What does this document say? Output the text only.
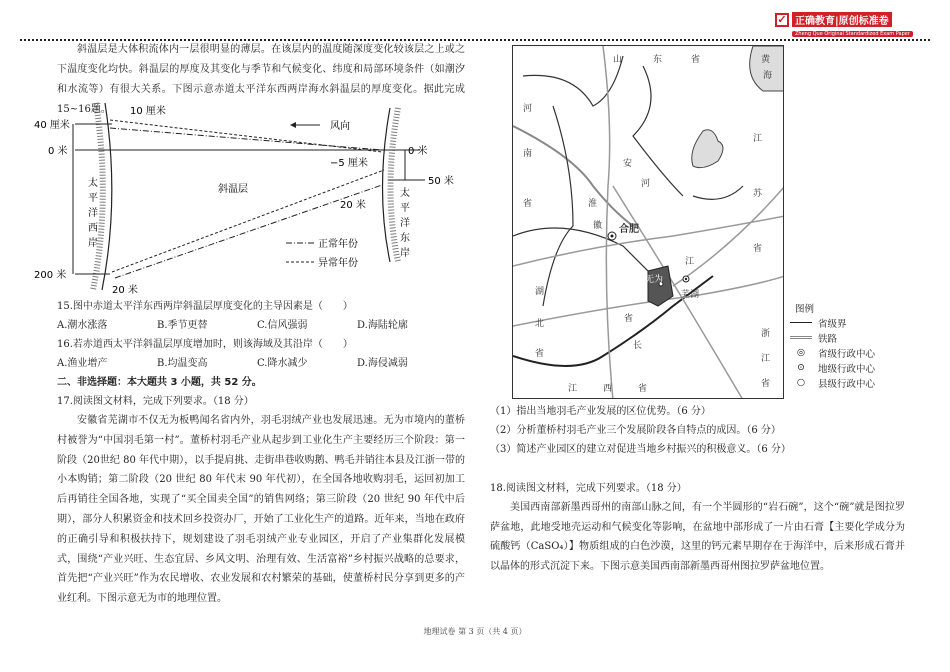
✓ 正确教育|原创标准卷
Zheng Que Original Standardized Exam Paper

斜温层是大体积流体内一层很明显的薄层。在该层内的温度随深度变化较该层之上或之下温度变化均快。斜温层的厚度及其变化与季节和气候变化、纬度和局部环境条件（如潮汐和水流等）有很大关系。下图示意赤道太平洋东西两岸海水斜温层的厚度变化。据此完成15~16题。

风向
斜温层
40 厘米
10 厘米
0 米
200 米
20 米
0 米
−5 厘米
50 米
20 米
太
平
洋
西
岸
太
平
洋
东
岸
正常年份
异常年份
15.图中赤道太平洋东西两岸斜温层厚度变化的主导因素是（　　）
A.潮水涨落	B.季节更替	C.信风强弱	D.海陆轮廓
16.若赤道西太平洋斜温层厚度增加时，则该海域及其沿岸（　　）
A.渔业增产	B.均温变高	C.降水减少	D.海侵减弱
二、非选择题：本大题共 3 小题，共 52 分。
17.阅读图文材料，完成下列要求。（18 分）

安徽省芜湖市不仅无为板鸭闻名省内外，羽毛羽绒产业也发展迅速。无为市境内的董桥村被誉为“中国羽毛第一村”。董桥村羽毛产业从起步到工业化生产主要经历三个阶段：第一阶段（20世纪 80 年代中期），以手提肩挑、走街串巷收购鹅、鸭毛并销往本县及江浙一带的小本购销；第二阶段（20 世纪 80 年代末 90 年代初），在全国各地收购羽毛，运回初加工后再销往全国各地，实现了“买全国卖全国”的销售网络；第三阶段（20 世纪 90 年代中后期），部分人积累资金和技术回乡投资办厂，开始了工业化生产的道路。近年来，当地在政府的正确引导和积极扶持下，规划建设了羽毛羽绒产业专业园区，开启了产业集群化发展模式，围绕“产业兴旺、生态宜居、乡风文明、治理有效、生活富裕”乡村振兴战略的总要求，首先把“产业兴旺”作为农民增收、农业发展和农村繁荣的基础，使董桥村民分享到更多的产业红利。下图示意无为市的地理位置。

山	东	省	黄
海
河
南
省
安
徽
河
淮
江
苏
省
合肥
无为
芜湖
江
长
省
湖
北
省
江	西	省
浙
江
省
图例
省级界
铁路
◎	省级行政中心
⊙	地级行政中心
○	县级行政中心
（1）指出当地羽毛产业发展的区位优势。（6 分）
（2）分析董桥村羽毛产业三个发展阶段各自特点的成因。（6 分）
（3）简述产业园区的建立对促进当地乡村振兴的积极意义。（6 分）
18.阅读图文材料，完成下列要求。（18 分）

美国西南部新墨西哥州的南部山脉之间，有一个半圆形的“岩石碗”，这个“碗”就是图拉罗萨盆地，此地受地壳运动和气候变化等影响，在盆地中部形成了一片由石膏【主要化学成分为硫酸钙（CaSO₄）】物质组成的白色沙漠，这里的钙元素早期存在于海洋中，后来形成石膏并以晶体的形式沉淀下来。下图示意美国西南部新墨西哥州图拉罗萨盆地位置。

地理试卷 第 3 页（共 4 页）
